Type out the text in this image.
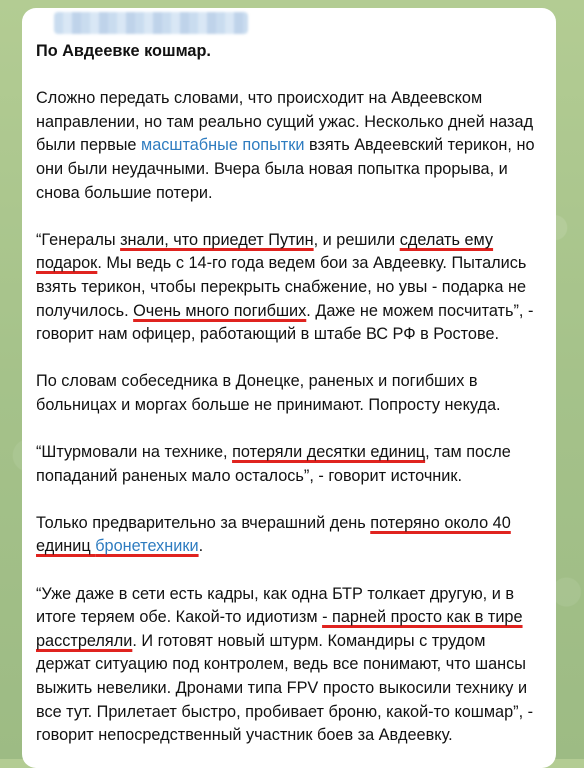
По Авдеевке кошмар.
Сложно передать словами, что происходит на Авдеевском направлении, но там реально сущий ужас. Несколько дней назад были первые масштабные попытки взять Авдеевский терикон, но они были неудачными. Вчера была новая попытка прорыва, и снова большие потери.
“Генералы знали, что приедет Путин, и решили сделать ему подарок. Мы ведь с 14-го года ведем бои за Авдеевку. Пытались взять терикон, чтобы перекрыть снабжение, но увы - подарка не получилось. Очень много погибших. Даже не можем посчитать”, - говорит нам офицер, работающий в штабе ВС РФ в Ростове.
По словам собеседника в Донецке, раненых и погибших в больницах и моргах больше не принимают. Попросту некуда.
“Штурмовали на технике, потеряли десятки единиц, там после попаданий раненых мало осталось”, - говорит источник.
Только предварительно за вчерашний день потеряно около 40 единиц бронетехники.
“Уже даже в сети есть кадры, как одна БТР толкает другую, и в итоге теряем обе. Какой-то идиотизм - парней просто как в тире расстреляли. И готовят новый штурм. Командиры с трудом держат ситуацию под контролем, ведь все понимают, что шансы выжить невелики. Дронами типа FPV просто выкосили технику и все тут. Прилетает быстро, пробивает броню, какой-то кошмар”, - говорит непосредственный участник боев за Авдеевку.
